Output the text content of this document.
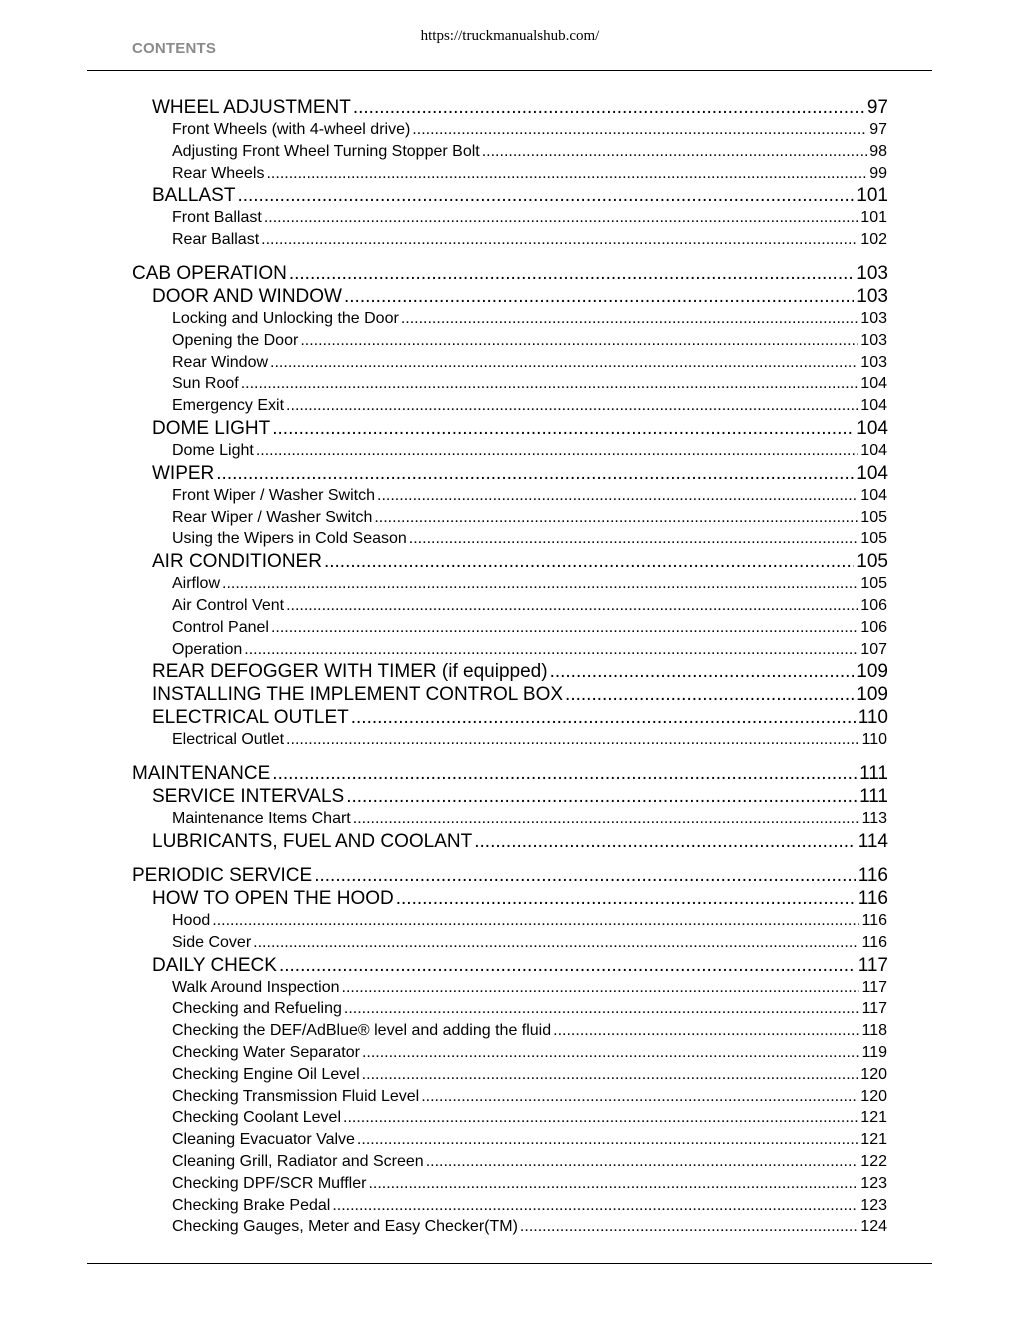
https://truckmanualshub.com/
CONTENTS
WHEEL ADJUSTMENT .....	97
Front Wheels (with 4-wheel drive) .....	97
Adjusting Front Wheel Turning Stopper Bolt .....	98
Rear Wheels .....	99
BALLAST .....	101
Front Ballast .....	101
Rear Ballast .....	102
CAB OPERATION .....	103
DOOR AND WINDOW .....	103
Locking and Unlocking the Door .....	103
Opening the Door .....	103
Rear Window .....	103
Sun Roof .....	104
Emergency Exit .....	104
DOME LIGHT .....	104
Dome Light .....	104
WIPER .....	104
Front Wiper / Washer Switch .....	104
Rear Wiper / Washer Switch .....	105
Using the Wipers in Cold Season .....	105
AIR CONDITIONER .....	105
Airflow .....	105
Air Control Vent .....	106
Control Panel .....	106
Operation .....	107
REAR DEFOGGER WITH TIMER (if equipped) .....	109
INSTALLING THE IMPLEMENT CONTROL BOX .....	109
ELECTRICAL OUTLET .....	110
Electrical Outlet .....	110
MAINTENANCE .....	111
SERVICE INTERVALS .....	111
Maintenance Items Chart .....	113
LUBRICANTS, FUEL AND COOLANT .....	114
PERIODIC SERVICE .....	116
HOW TO OPEN THE HOOD .....	116
Hood .....	116
Side Cover .....	116
DAILY CHECK .....	117
Walk Around Inspection .....	117
Checking and Refueling .....	117
Checking the DEF/AdBlue® level and adding the fluid .....	118
Checking Water Separator .....	119
Checking Engine Oil Level .....	120
Checking Transmission Fluid Level .....	120
Checking Coolant Level .....	121
Cleaning Evacuator Valve .....	121
Cleaning Grill, Radiator and Screen .....	122
Checking DPF/SCR Muffler .....	123
Checking Brake Pedal .....	123
Checking Gauges, Meter and Easy Checker(TM) .....	124
